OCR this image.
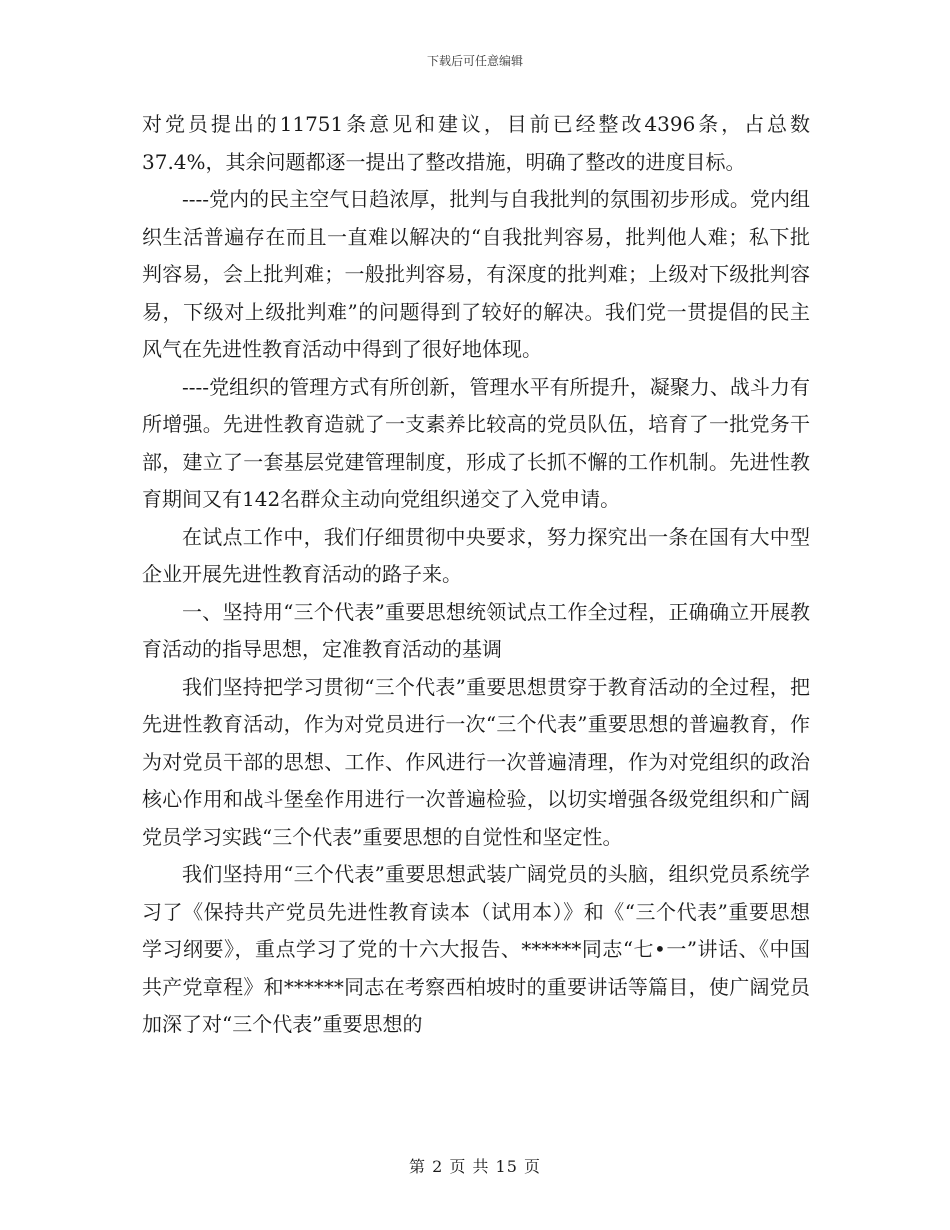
下载后可任意编辑

对党员提出的11751条意见和建议，目前已经整改4396条，占总数37.4%，其余问题都逐一提出了整改措施，明确了整改的进度目标。

----党内的民主空气日趋浓厚，批判与自我批判的氛围初步形成。党内组织生活普遍存在而且一直难以解决的“自我批判容易，批判他人难；私下批判容易，会上批判难；一般批判容易，有深度的批判难；上级对下级批判容易，下级对上级批判难”的问题得到了较好的解决。我们党一贯提倡的民主风气在先进性教育活动中得到了很好地体现。

----党组织的管理方式有所创新，管理水平有所提升，凝聚力、战斗力有所增强。先进性教育造就了一支素养比较高的党员队伍，培育了一批党务干部，建立了一套基层党建管理制度，形成了长抓不懈的工作机制。先进性教育期间又有142名群众主动向党组织递交了入党申请。

在试点工作中，我们仔细贯彻中央要求，努力探究出一条在国有大中型企业开展先进性教育活动的路子来。

一、坚持用“三个代表”重要思想统领试点工作全过程，正确确立开展教育活动的指导思想，定准教育活动的基调

我们坚持把学习贯彻“三个代表”重要思想贯穿于教育活动的全过程，把先进性教育活动，作为对党员进行一次“三个代表”重要思想的普遍教育，作为对党员干部的思想、工作、作风进行一次普遍清理，作为对党组织的政治核心作用和战斗堡垒作用进行一次普遍检验，以切实增强各级党组织和广阔党员学习实践“三个代表”重要思想的自觉性和坚定性。

我们坚持用“三个代表”重要思想武装广阔党员的头脑，组织党员系统学习了《保持共产党员先进性教育读本（试用本）》和《“三个代表”重要思想学习纲要》，重点学习了党的十六大报告、******同志“七•一”讲话、《中国共产党章程》和******同志在考察西柏坡时的重要讲话等篇目，使广阔党员加深了对“三个代表”重要思想的

第 2 页 共 15 页
